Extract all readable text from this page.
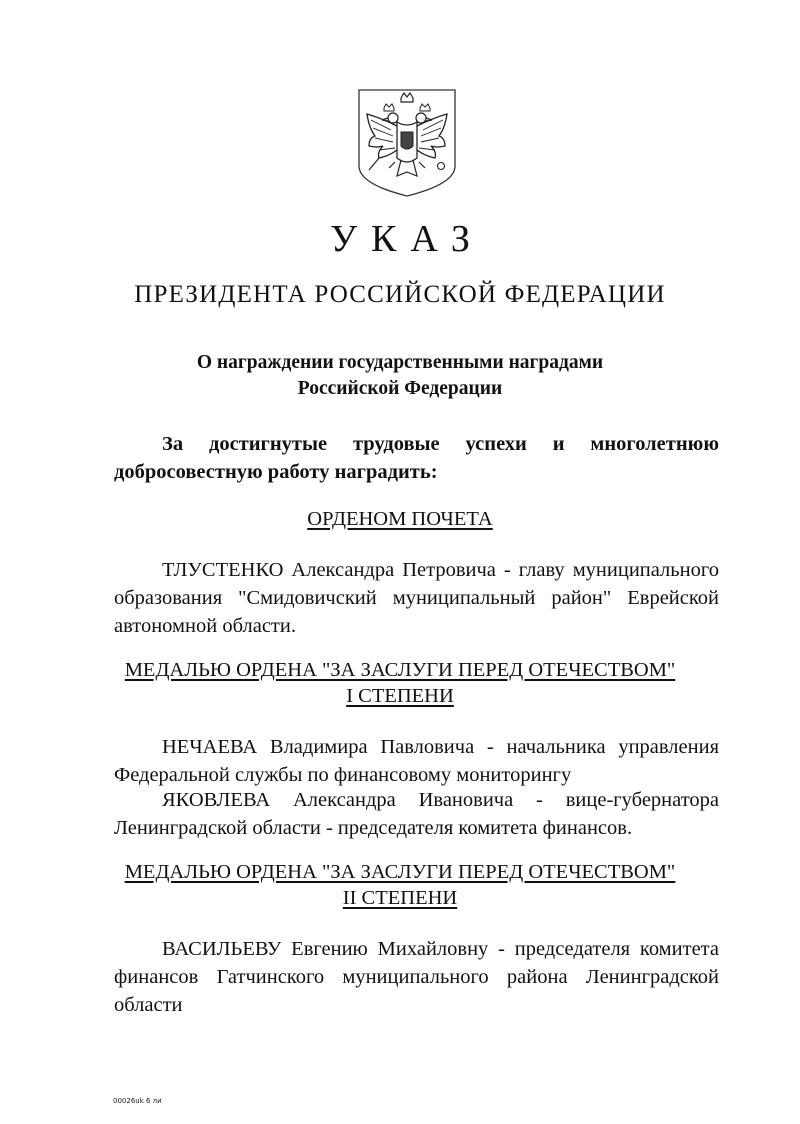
УКАЗ
ПРЕЗИДЕНТА РОССИЙСКОЙ ФЕДЕРАЦИИ
О награждении государственными наградами
Российской Федерации
За достигнутые трудовые успехи и многолетнюю добросовестную работу наградить:
ОРДЕНОМ ПОЧЕТА
ТЛУСТЕНКО Александра Петровича - главу муниципального образования "Смидовичский муниципальный район" Еврейской автономной области.
МЕДАЛЬЮ ОРДЕНА "ЗА ЗАСЛУГИ ПЕРЕД ОТЕЧЕСТВОМ"
I СТЕПЕНИ
НЕЧАЕВА Владимира Павловича - начальника управления Федеральной службы по финансовому мониторингу
ЯКОВЛЕВА Александра Ивановича - вице-губернатора Ленинградской области - председателя комитета финансов.
МЕДАЛЬЮ ОРДЕНА "ЗА ЗАСЛУГИ ПЕРЕД ОТЕЧЕСТВОМ"
II СТЕПЕНИ
ВАСИЛЬЕВУ Евгению Михайловну - председателя комитета финансов Гатчинского муниципального района Ленинградской области
00026uk 6 ли
